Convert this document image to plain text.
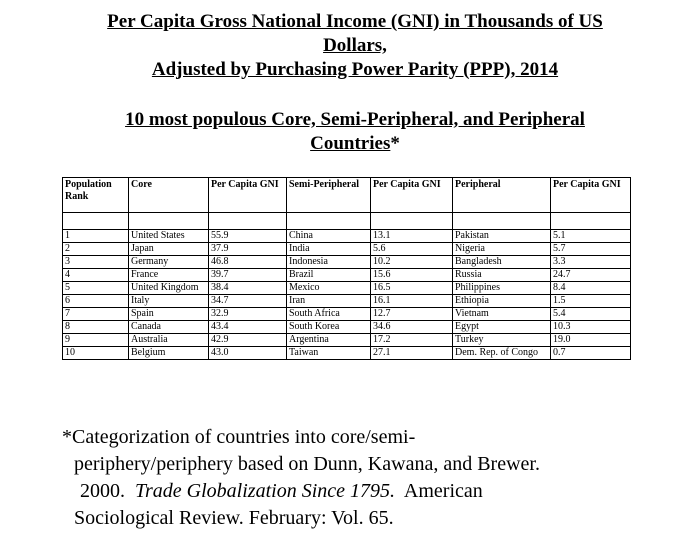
Per Capita Gross National Income (GNI) in Thousands of US
Dollars,
Adjusted by Purchasing Power Parity (PPP), 2014
10 most populous Core, Semi-Peripheral, and Peripheral
Countries*
Population Rank	Core	Per Capita GNI	Semi-Peripheral	Per Capita GNI	Peripheral	Per Capita GNI

1	United States	55.9	China	13.1	Pakistan	5.1
2	Japan	37.9	India	5.6	Nigeria	5.7
3	Germany	46.8	Indonesia	10.2	Bangladesh	3.3
4	France	39.7	Brazil	15.6	Russia	24.7
5	United Kingdom	38.4	Mexico	16.5	Philippines	8.4
6	Italy	34.7	Iran	16.1	Ethiopia	1.5
7	Spain	32.9	South Africa	12.7	Vietnam	5.4
8	Canada	43.4	South Korea	34.6	Egypt	10.3
9	Australia	42.9	Argentina	17.2	Turkey	19.0
10	Belgium	43.0	Taiwan	27.1	Dem. Rep. of Congo	0.7
*Categorization of countries into core/semi-
periphery/periphery based on Dunn, Kawana, and Brewer.
2000. Trade Globalization Since 1795. American
Sociological Review. February: Vol. 65.
